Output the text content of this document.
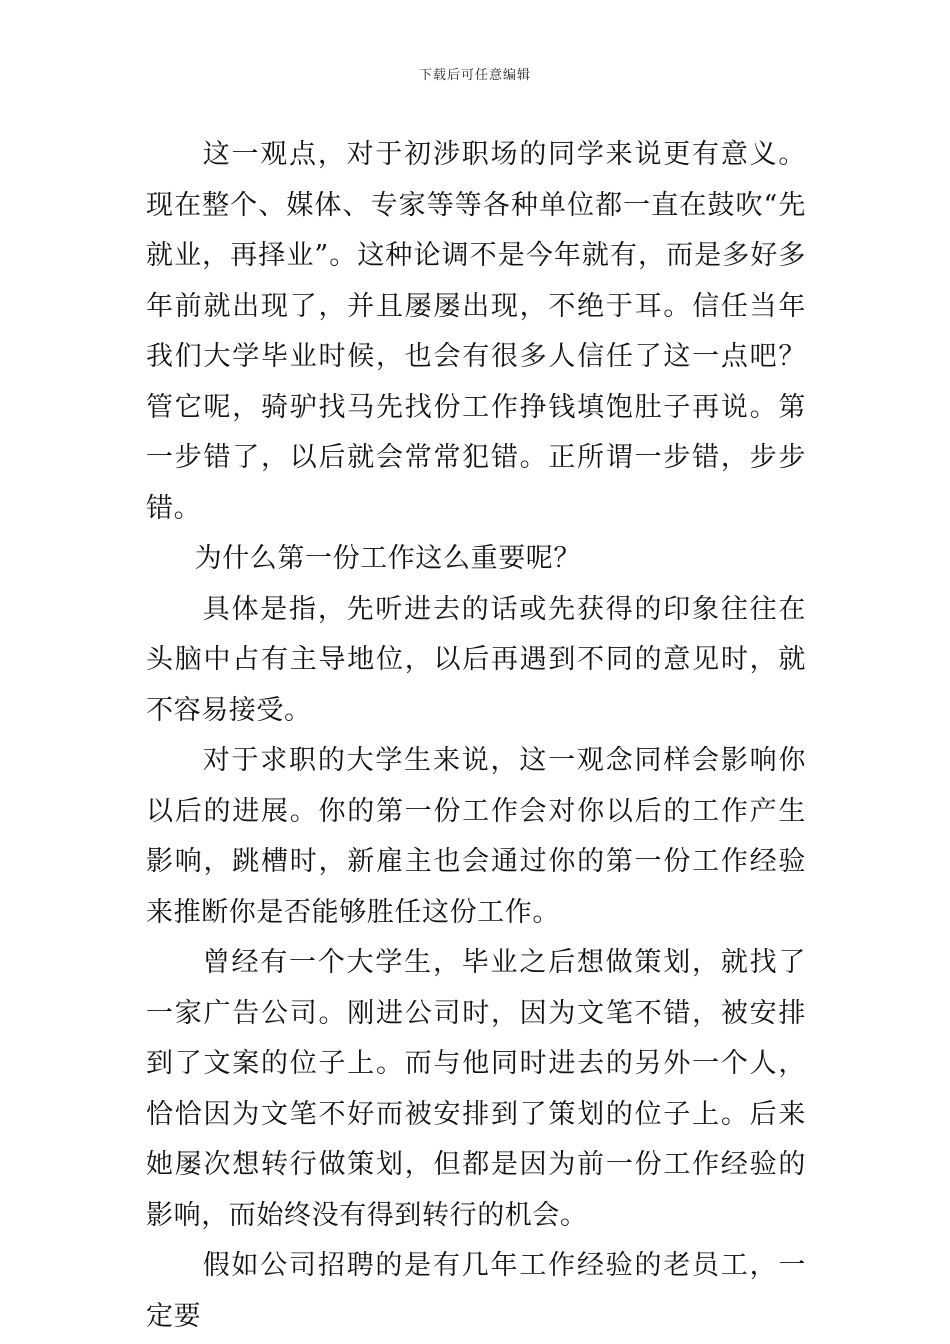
下载后可任意编辑

这一观点，对于初涉职场的同学来说更有意义。现在整个、媒体、专家等等各种单位都一直在鼓吹“先就业，再择业”。这种论调不是今年就有，而是多好多年前就出现了，并且屡屡出现，不绝于耳。信任当年我们大学毕业时候，也会有很多人信任了这一点吧？管它呢，骑驴找马先找份工作挣钱填饱肚子再说。第一步错了，以后就会常常犯错。正所谓一步错，步步错。

为什么第一份工作这么重要呢？

具体是指，先听进去的话或先获得的印象往往在头脑中占有主导地位，以后再遇到不同的意见时，就不容易接受。

对于求职的大学生来说，这一观念同样会影响你以后的进展。你的第一份工作会对你以后的工作产生影响，跳槽时，新雇主也会通过你的第一份工作经验来推断你是否能够胜任这份工作。

曾经有一个大学生，毕业之后想做策划，就找了一家广告公司。刚进公司时，因为文笔不错，被安排到了文案的位子上。而与他同时进去的另外一个人，恰恰因为文笔不好而被安排到了策划的位子上。后来她屡次想转行做策划，但都是因为前一份工作经验的影响，而始终没有得到转行的机会。

假如公司招聘的是有几年工作经验的老员工，一定要
